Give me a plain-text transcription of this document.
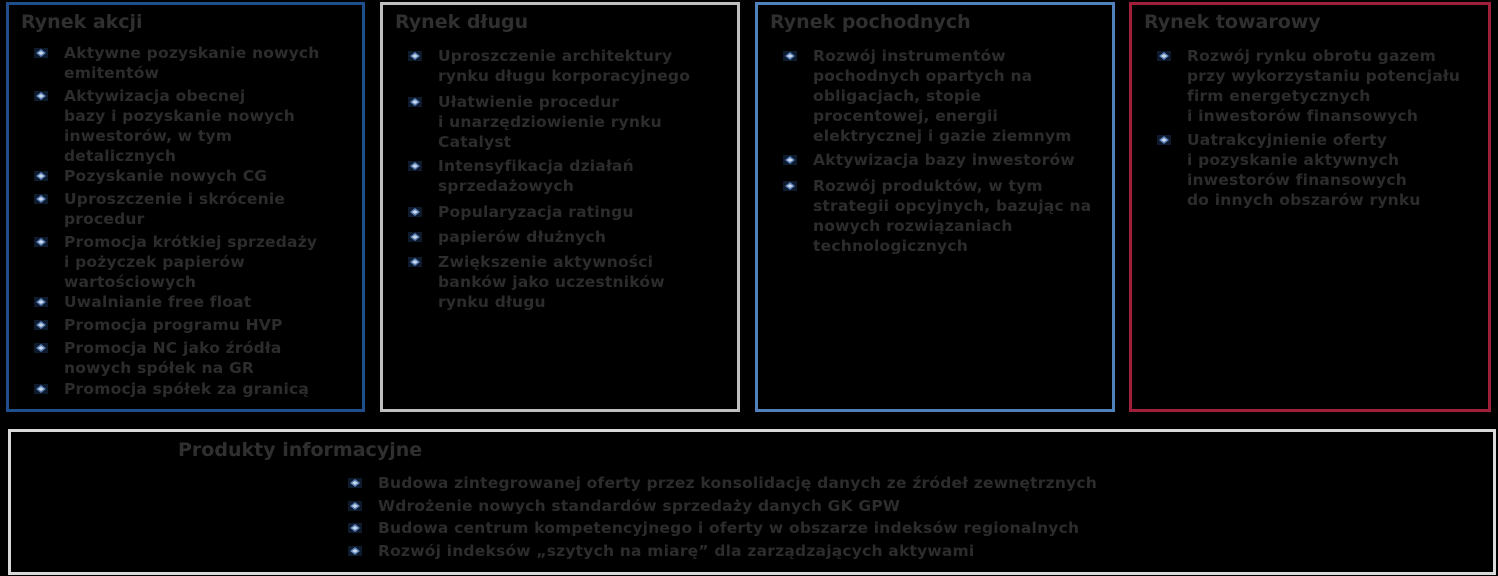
Rynek akcji
Aktywne pozyskanie nowych
emitentów
Aktywizacja obecnej
bazy i pozyskanie nowych
inwestorów, w tym
detalicznych
Pozyskanie nowych CG
Uproszczenie i skrócenie
procedur
Promocja krótkiej sprzedaży
i pożyczek papierów
wartościowych
Uwalnianie free float
Promocja programu HVP
Promocja NC jako źródła
nowych spółek na GR
Promocja spółek za granicą
Rynek długu
Uproszczenie architektury
rynku długu korporacyjnego
Ułatwienie procedur
i unarzędziowienie rynku
Catalyst
Intensyfikacja działań
sprzedażowych
Popularyzacja ratingu
papierów dłużnych
Zwiększenie aktywności
banków jako uczestników
rynku długu
Rynek pochodnych
Rozwój instrumentów
pochodnych opartych na
obligacjach, stopie
procentowej, energii
elektrycznej i gazie ziemnym
Aktywizacja bazy inwestorów
Rozwój produktów, w tym
strategii opcyjnych, bazując na
nowych rozwiązaniach
technologicznych
Rynek towarowy
Rozwój rynku obrotu gazem
przy wykorzystaniu potencjału
firm energetycznych
i inwestorów finansowych
Uatrakcyjnienie oferty
i pozyskanie aktywnych
inwestorów finansowych
do innych obszarów rynku
Produkty informacyjne
Budowa zintegrowanej oferty przez konsolidację danych ze źródeł zewnętrznych
Wdrożenie nowych standardów sprzedaży danych GK GPW
Budowa centrum kompetencyjnego i oferty w obszarze indeksów regionalnych
Rozwój indeksów „szytych na miarę” dla zarządzających aktywami
